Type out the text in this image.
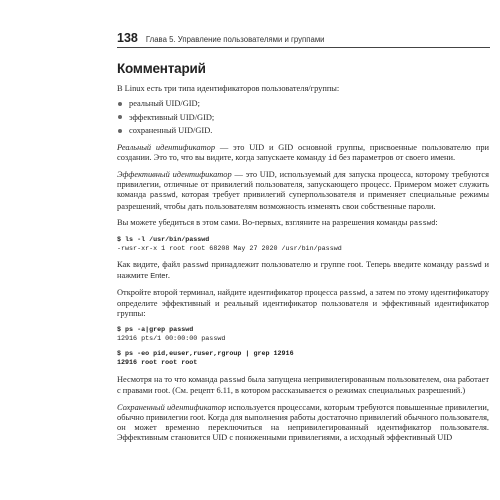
138 Глава 5. Управление пользователями и группами
Комментарий

В Linux есть три типа идентификаторов пользователя/группы:

реальный UID/GID;
эффективный UID/GID;
сохраненный UID/GID.

Реальный идентификатор — это UID и GID основной группы, присвоенные пользователю при создании. Это то, что вы видите, когда запускаете команду id без параметров от своего имени.

Эффективный идентификатор — это UID, используемый для запуска процесса, которому требуются привилегии, отличные от привилегий пользователя, запускающего процесс. Примером может служить команда passwd, которая требует привилегий суперпользователя и применяет специальные режимы разрешений, чтобы дать пользователям возможность изменять свои собственные пароли.

Вы можете убедиться в этом сами. Во-первых, взгляните на разрешения команды passwd:

$ ls -l /usr/bin/passwd
-rwsr-xr-x 1 root root 68208 May 27 2020 /usr/bin/passwd

Как видите, файл passwd принадлежит пользователю и группе root. Теперь введите команду passwd и нажмите Enter.

Откройте второй терминал, найдите идентификатор процесса passwd, а затем по этому идентификатору определите эффективный и реальный идентификатор пользователя и эффективный идентификатор группы:

$ ps -a|grep passwd
12916 pts/1 00:00:00 passwd
$ ps -eo pid,euser,ruser,rgroup | grep 12916
12916 root root root

Несмотря на то что команда passwd была запущена непривилегированным пользователем, она работает с правами root. (См. рецепт 6.11, в котором рассказывается о режимах специальных разрешений.)

Сохраненный идентификатор используется процессами, которым требуются повышенные привилегии, обычно привилегии root. Когда для выполнения работы достаточно привилегий обычного пользователя, он может временно переключиться на непривилегированный идентификатор пользователя. Эффективным становится UID с пониженными привилегиями, а исходный эффективный UID
